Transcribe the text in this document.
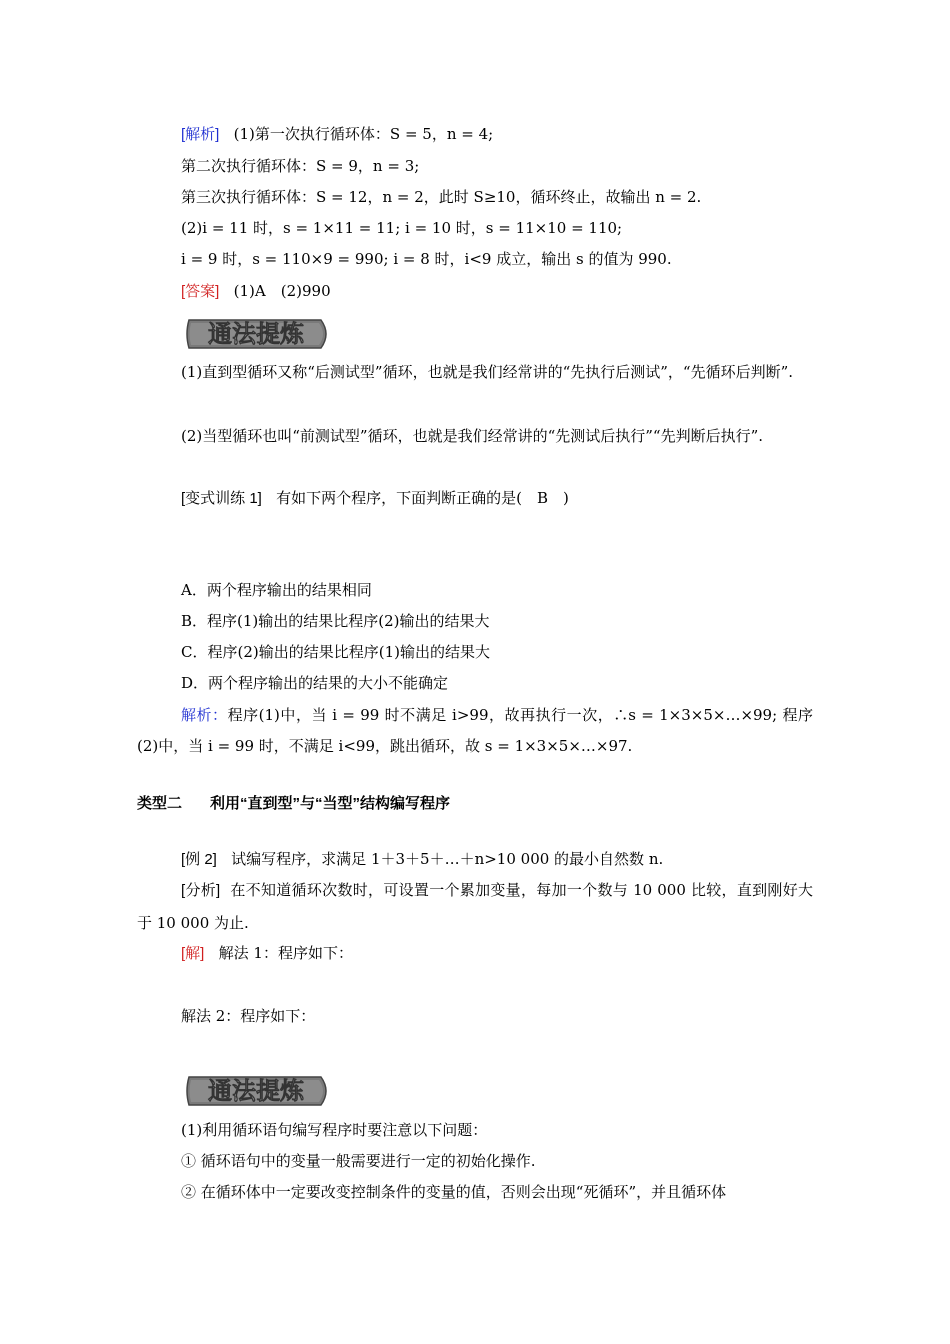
[解析] (1)第一次执行循环体：S = 5，n = 4;
第二次执行循环体：S = 9，n = 3;
第三次执行循环体：S = 12，n = 2，此时 S≥10，循环终止，故输出 n = 2.
(2)i = 11 时，s = 1×11 = 11; i = 10 时，s = 11×10 = 110;
i = 9 时，s = 110×9 = 990; i = 8 时，i<9 成立，输出 s 的值为 990.
[答案] (1)A　(2)990
通法提炼
(1)直到型循环又称“后测试型”循环，也就是我们经常讲的“先执行后测试”，“先循环后判断”.
(2)当型循环也叫“前测试型”循环，也就是我们经常讲的“先测试后执行”“先判断后执行”.
[变式训练 1] 有如下两个程序，下面判断正确的是(　B　)
A．两个程序输出的结果相同
B．程序(1)输出的结果比程序(2)输出的结果大
C．程序(2)输出的结果比程序(1)输出的结果大
D．两个程序输出的结果的大小不能确定
解析：程序(1)中，当 i = 99 时不满足 i>99，故再执行一次，∴s = 1×3×5×…×99; 程序(2)中，当 i = 99 时，不满足 i<99，跳出循环，故 s = 1×3×5×…×97.
类型二 利用“直到型”与“当型”结构编写程序
[例 2] 试编写程序，求满足 1＋3＋5＋…＋n>10 000 的最小自然数 n.
[分析] 在不知道循环次数时，可设置一个累加变量，每加一个数与 10 000 比较，直到刚好大于 10 000 为止.
[解] 解法 1：程序如下：
解法 2：程序如下：
通法提炼
(1)利用循环语句编写程序时要注意以下问题：
① 循环语句中的变量一般需要进行一定的初始化操作.
② 在循环体中一定要改变控制条件的变量的值，否则会出现“死循环”，并且循环体
